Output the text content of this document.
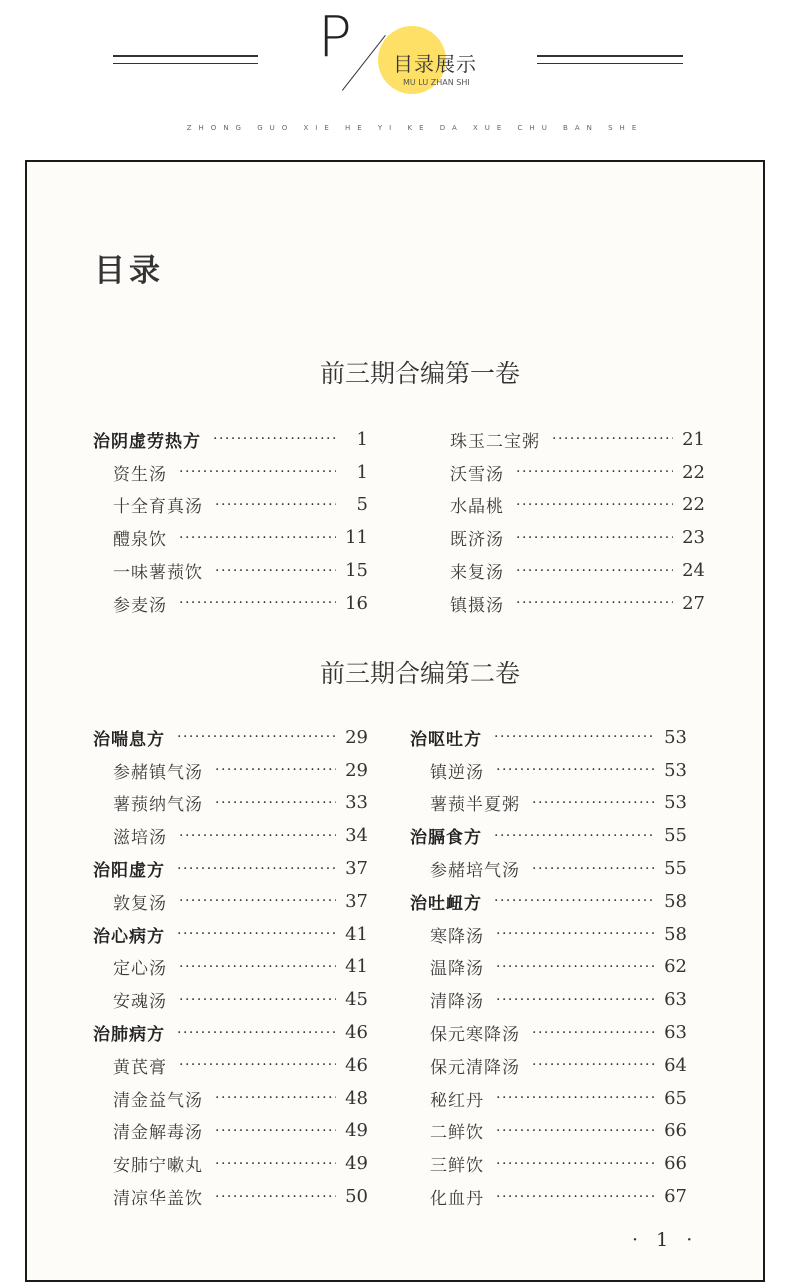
P 目录展示
MU LU ZHAN SHI
ZHONG GUO XIE HE YI KE DA XUE CHU BAN SHE
目录
前三期合编第一卷
治阴虚劳热方 ·····	1
资生汤 ·····	1
十全育真汤 ·····	5
醴泉饮 ·····	11
一味薯蓣饮 ·····	15
参麦汤 ·····	16
珠玉二宝粥 ·····	21
沃雪汤 ·····	22
水晶桃 ·····	22
既济汤 ·····	23
来复汤 ·····	24
镇摄汤 ·····	27
前三期合编第二卷
治喘息方 ·····	29
参赭镇气汤 ·····	29
薯蓣纳气汤 ·····	33
滋培汤 ·····	34
治阳虚方 ·····	37
敦复汤 ·····	37
治心病方 ·····	41
定心汤 ·····	41
安魂汤 ·····	45
治肺病方 ·····	46
黄芪膏 ·····	46
清金益气汤 ·····	48
清金解毒汤 ·····	49
安肺宁嗽丸 ·····	49
清凉华盖饮 ·····	50
治呕吐方 ·····	53
镇逆汤 ·····	53
薯蓣半夏粥 ·····	53
治膈食方 ·····	55
参赭培气汤 ·····	55
治吐衄方 ·····	58
寒降汤 ·····	58
温降汤 ·····	62
清降汤 ·····	63
保元寒降汤 ·····	63
保元清降汤 ·····	64
秘红丹 ·····	65
二鲜饮 ·····	66
三鲜饮 ·····	66
化血丹 ·····	67
· 1 ·
